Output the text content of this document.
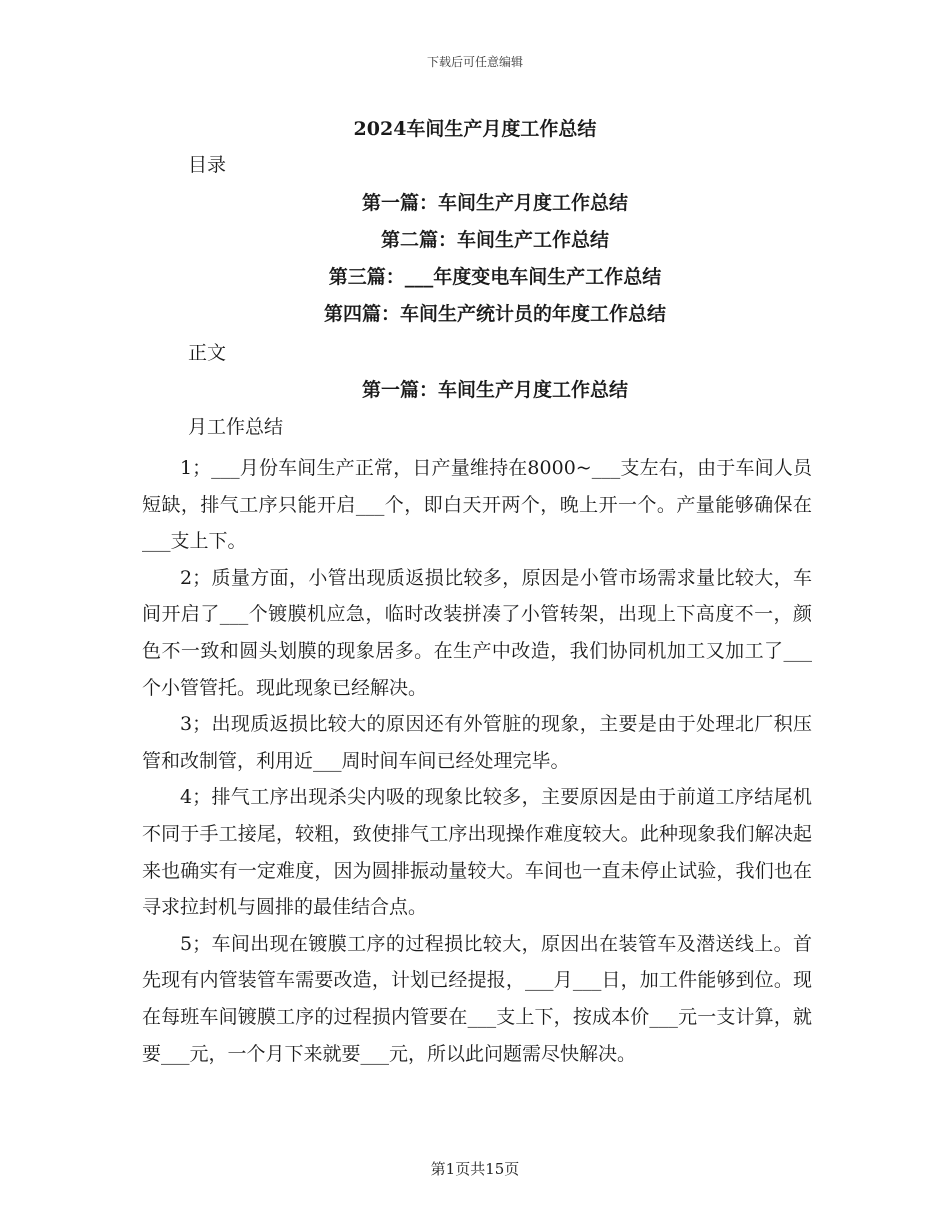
下载后可任意编辑
2024车间生产月度工作总结
目录
第一篇：车间生产月度工作总结
第二篇：车间生产工作总结
第三篇：___年度变电车间生产工作总结
第四篇：车间生产统计员的年度工作总结
正文
第一篇：车间生产月度工作总结
月工作总结

1；___月份车间生产正常，日产量维持在8000~___支左右，由于车间人员短缺，排气工序只能开启___个，即白天开两个，晚上开一个。产量能够确保在___支上下。

2；质量方面，小管出现质返损比较多，原因是小管市场需求量比较大，车间开启了___个镀膜机应急，临时改装拼凑了小管转架，出现上下高度不一，颜色不一致和圆头划膜的现象居多。在生产中改造，我们协同机加工又加工了___个小管管托。现此现象已经解决。

3；出现质返损比较大的原因还有外管脏的现象，主要是由于处理北厂积压管和改制管，利用近___周时间车间已经处理完毕。

4；排气工序出现杀尖内吸的现象比较多，主要原因是由于前道工序结尾机不同于手工接尾，较粗，致使排气工序出现操作难度较大。此种现象我们解决起来也确实有一定难度，因为圆排振动量较大。车间也一直未停止试验，我们也在寻求拉封机与圆排的最佳结合点。

5；车间出现在镀膜工序的过程损比较大，原因出在装管车及潜送线上。首先现有内管装管车需要改造，计划已经提报，___月___日，加工件能够到位。现在每班车间镀膜工序的过程损内管要在___支上下，按成本价___元一支计算，就要___元，一个月下来就要___元，所以此问题需尽快解决。

第1页共15页
